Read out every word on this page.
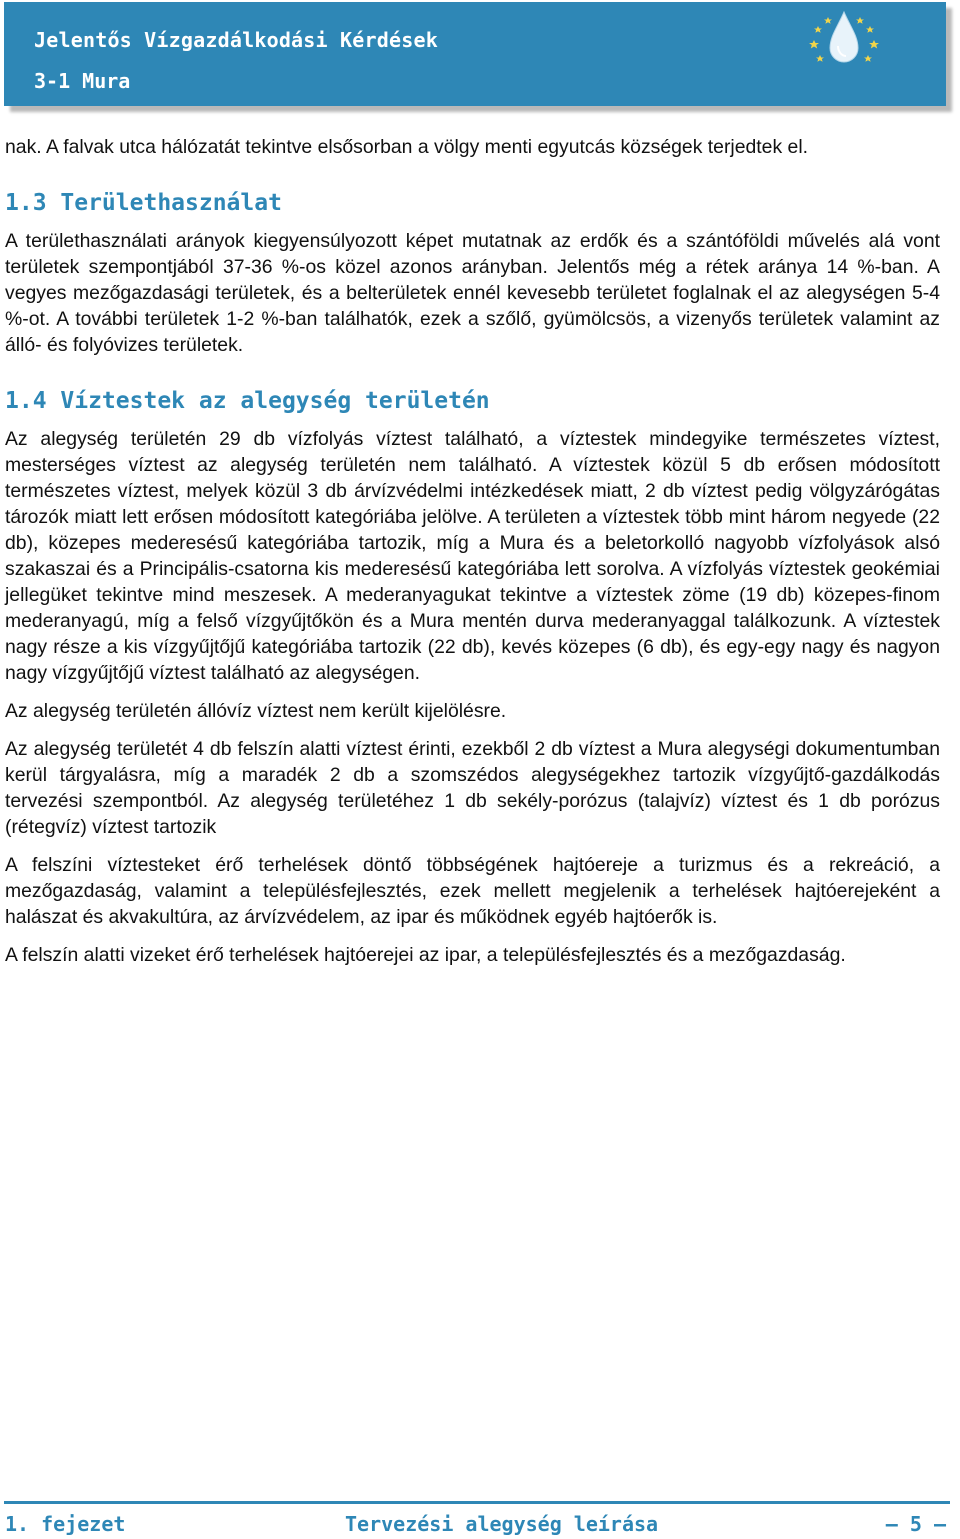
Jelentős Vízgazdálkodási Kérdések
3-1 Mura

nak. A falvak utca hálózatát tekintve elsősorban a völgy menti egyutcás községek terjedtek el.

1.3 Területhasználat

A területhasználati arányok kiegyensúlyozott képet mutatnak az erdők és a szántóföldi művelés alá vont területek szempontjából 37-36 %-os közel azonos arányban. Jelentős még a rétek aránya 14 %-ban. A vegyes mezőgazdasági területek, és a belterületek ennél kevesebb területet foglalnak el az alegységen 5-4 %-ot. A további területek 1-2 %-ban találhatók, ezek a szőlő, gyümölcsös, a vizenyős területek valamint az álló- és folyóvizes területek.

1.4 Víztestek az alegység területén

Az alegység területén 29 db vízfolyás víztest található, a víztestek mindegyike természetes víztest, mesterséges víztest az alegység területén nem található. A víztestek közül 5 db erősen módosított természetes víztest, melyek közül 3 db árvízvédelmi intézkedések miatt, 2 db víztest pedig völgyzárógátas tározók miatt lett erősen módosított kategóriába jelölve. A területen a víztestek több mint három negyede (22 db), közepes mederesésű kategóriába tartozik, míg a Mura és a beletorkolló nagyobb vízfolyások alsó szakaszai és a Principális-csatorna kis mederesésű kategóriába lett sorolva. A vízfolyás víztestek geokémiai jellegüket tekintve mind meszesek. A mederanyagukat tekintve a víztestek zöme (19 db) közepes-finom mederanyagú, míg a felső vízgyűjtőkön és a Mura mentén durva mederanyaggal találkozunk. A víztestek nagy része a kis vízgyűjtőjű kategóriába tartozik (22 db), kevés közepes (6 db), és egy-egy nagy és nagyon nagy vízgyűjtőjű víztest található az alegységen.

Az alegység területén állóvíz víztest nem került kijelölésre.

Az alegység területét 4 db felszín alatti víztest érinti, ezekből 2 db víztest a Mura alegységi dokumentumban kerül tárgyalásra, míg a maradék 2 db a szomszédos alegységekhez tartozik vízgyűjtő-gazdálkodás tervezési szempontból. Az alegység területéhez 1 db sekély-porózus (talajvíz) víztest és 1 db porózus (rétegvíz) víztest tartozik

A felszíni víztesteket érő terhelések döntő többségének hajtóereje a turizmus és a rekreáció, a mezőgazdaság, valamint a településfejlesztés, ezek mellett megjelenik a terhelések hajtóerejeként a halászat és akvakultúra, az árvízvédelem, az ipar és működnek egyéb hajtóerők is.

A felszín alatti vizeket érő terhelések hajtóerejei az ipar, a településfejlesztés és a mezőgazdaság.

1. fejezet	Tervezési alegység leírása	— 5 —
